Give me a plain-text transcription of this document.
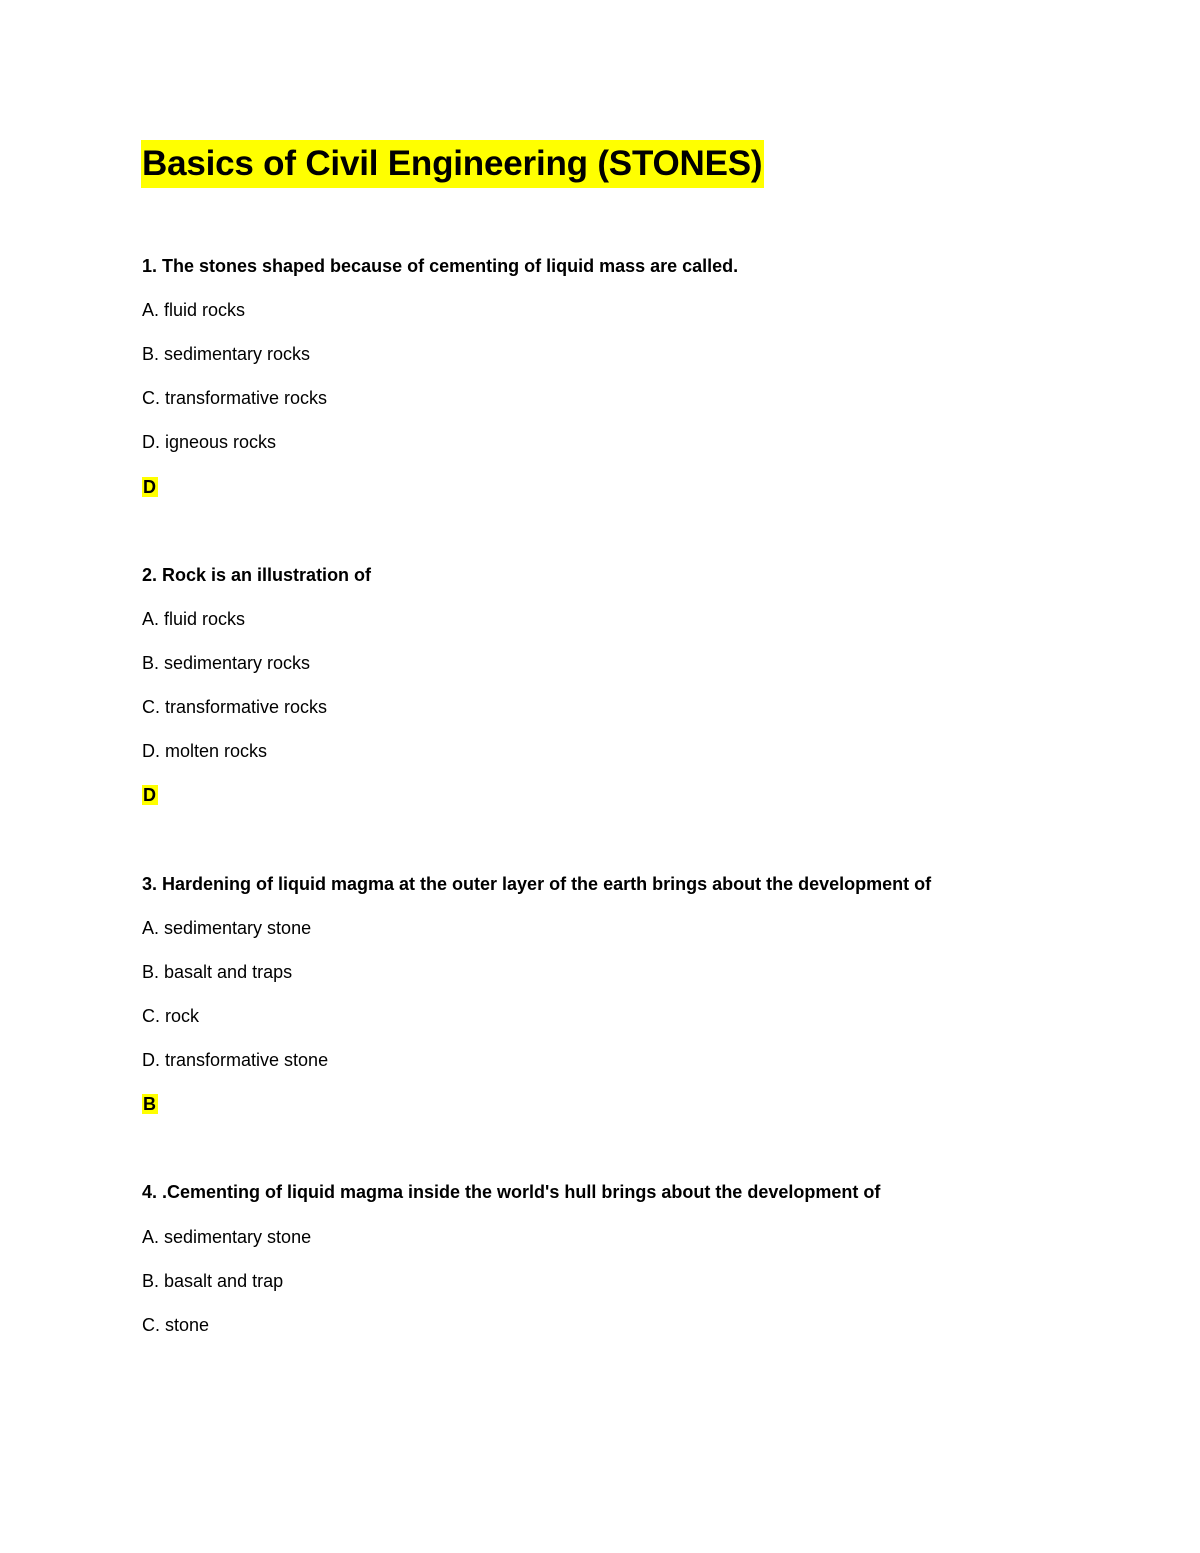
Basics of Civil Engineering (STONES)
1. The stones shaped because of cementing of liquid mass are called.
A. fluid rocks
B. sedimentary rocks
C. transformative rocks
D. igneous rocks
D
2. Rock is an illustration of
A. fluid rocks
B. sedimentary rocks
C. transformative rocks
D. molten rocks
D
3. Hardening of liquid magma at the outer layer of the earth brings about the development of
A. sedimentary stone
B. basalt and traps
C. rock
D. transformative stone
B
4. .Cementing of liquid magma inside the world's hull brings about the development of
A. sedimentary stone
B. basalt and trap
C. stone
